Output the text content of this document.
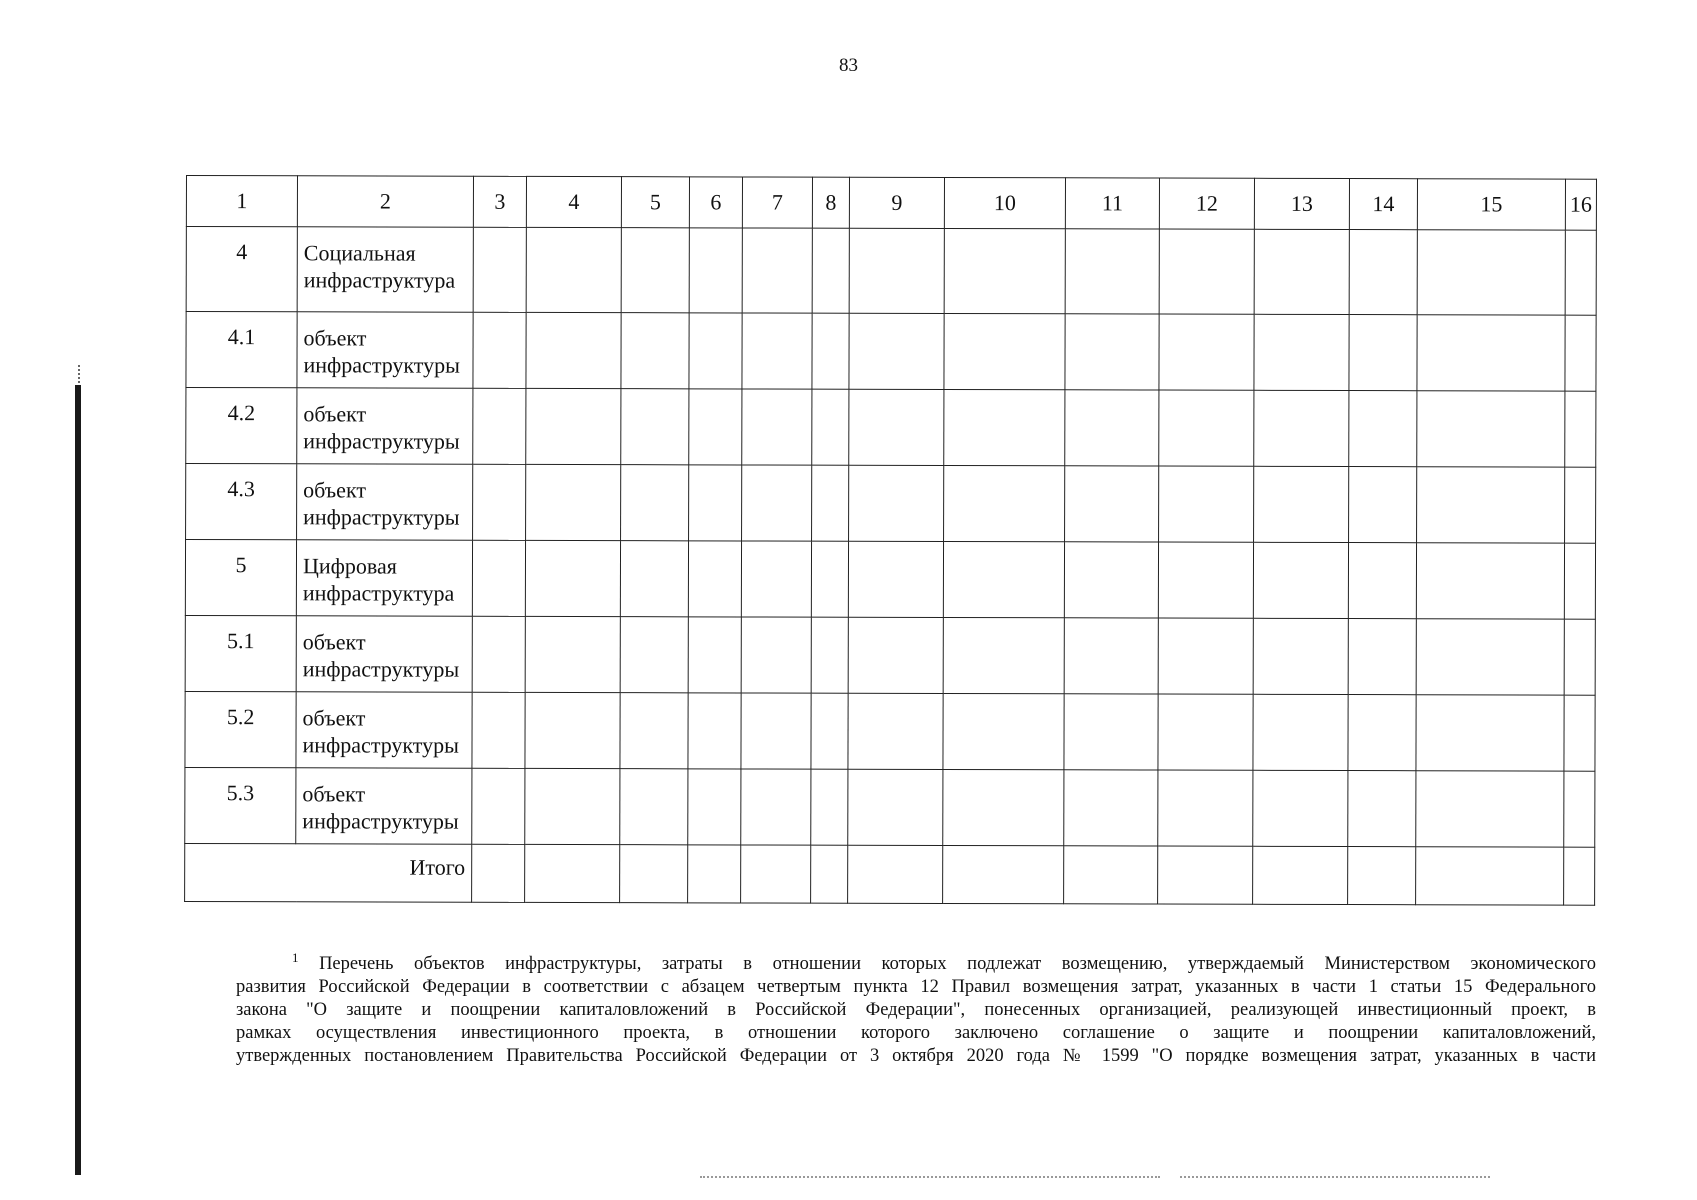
83
1	2	3	4	5	6	7	8	9	10	11	12	13	14	15	16
4	Социальная
инфраструктура														

4.1	объект
инфраструктуры														

4.2	объект
инфраструктуры														

4.3	объект
инфраструктуры														

5	Цифровая
инфраструктура														

5.1	объект
инфраструктуры														

5.2	объект
инфраструктуры														

5.3	объект
инфраструктуры														

Итого															
$^1$ Перечень объектов инфраструктуры, затраты в отношении которых подлежат возмещению, утверждаемый Министерством экономического
развития Российской Федерации в соответствии с абзацем четвертым пункта 12 Правил возмещения затрат, указанных в части 1 статьи 15 Федерального
закона "О защите и поощрении капиталовложений в Российской Федерации", понесенных организацией, реализующей инвестиционный проект, в
рамках осуществления инвестиционного проекта, в отношении которого заключено соглашение о защите и поощрении капиталовложений,
утвержденных постановлением Правительства Российской Федерации от 3 октября 2020 года № 1599 "О порядке возмещения затрат, указанных в части
